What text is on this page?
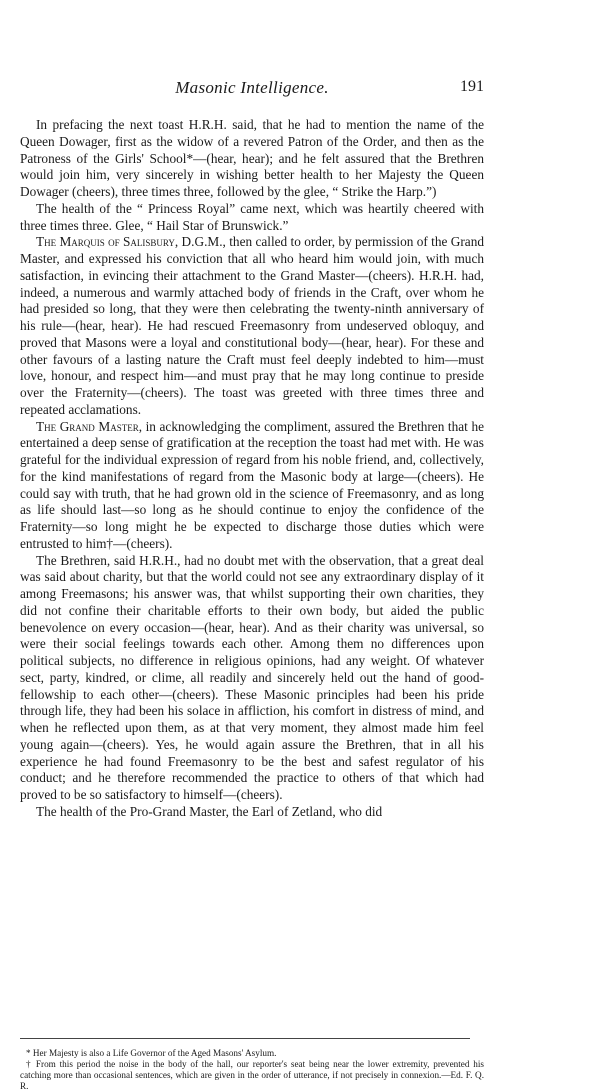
Masonic Intelligence.	191

In prefacing the next toast H.R.H. said, that he had to mention the name of the Queen Dowager, first as the widow of a revered Patron of the Order, and then as the Patroness of the Girls' School*—(hear, hear); and he felt assured that the Brethren would join him, very sincerely in wishing better health to her Majesty the Queen Dowager (cheers), three times three, followed by the glee, “ Strike the Harp.”)

The health of the “ Princess Royal” came next, which was heartily cheered with three times three. Glee, “ Hail Star of Brunswick.”

The Marquis of Salisbury, D.G.M., then called to order, by permission of the Grand Master, and expressed his conviction that all who heard him would join, with much satisfaction, in evincing their attachment to the Grand Master—(cheers). H.R.H. had, indeed, a numerous and warmly attached body of friends in the Craft, over whom he had presided so long, that they were then celebrating the twenty-ninth anniversary of his rule—(hear, hear). He had rescued Freemasonry from undeserved obloquy, and proved that Masons were a loyal and constitutional body—(hear, hear). For these and other favours of a lasting nature the Craft must feel deeply indebted to him—must love, honour, and respect him—and must pray that he may long continue to preside over the Fraternity—(cheers). The toast was greeted with three times three and repeated acclamations.

The Grand Master, in acknowledging the compliment, assured the Brethren that he entertained a deep sense of gratification at the reception the toast had met with. He was grateful for the individual expression of regard from his noble friend, and, collectively, for the kind manifestations of regard from the Masonic body at large—(cheers). He could say with truth, that he had grown old in the science of Freemasonry, and as long as life should last—so long as he should continue to enjoy the confidence of the Fraternity—so long might he be expected to discharge those duties which were entrusted to him†—(cheers).

The Brethren, said H.R.H., had no doubt met with the observation, that a great deal was said about charity, but that the world could not see any extraordinary display of it among Freemasons; his answer was, that whilst supporting their own charities, they did not confine their charitable efforts to their own body, but aided the public benevolence on every occasion—(hear, hear). And as their charity was universal, so were their social feelings towards each other. Among them no differences upon political subjects, no difference in religious opinions, had any weight. Of whatever sect, party, kindred, or clime, all readily and sincerely held out the hand of good-fellowship to each other—(cheers). These Masonic principles had been his pride through life, they had been his solace in affliction, his comfort in distress of mind, and when he reflected upon them, as at that very moment, they almost made him feel young again—(cheers). Yes, he would again assure the Brethren, that in all his experience he had found Freemasonry to be the best and safest regulator of his conduct; and he therefore recommended the practice to others of that which had proved to be so satisfactory to himself—(cheers).

The health of the Pro-Grand Master, the Earl of Zetland, who did

* Her Majesty is also a Life Governor of the Aged Masons' Asylum.

† From this period the noise in the body of the hall, our reporter's seat being near the lower extremity, prevented his catching more than occasional sentences, which are given in the order of utterance, if not precisely in connexion.—Ed. F. Q. R.
